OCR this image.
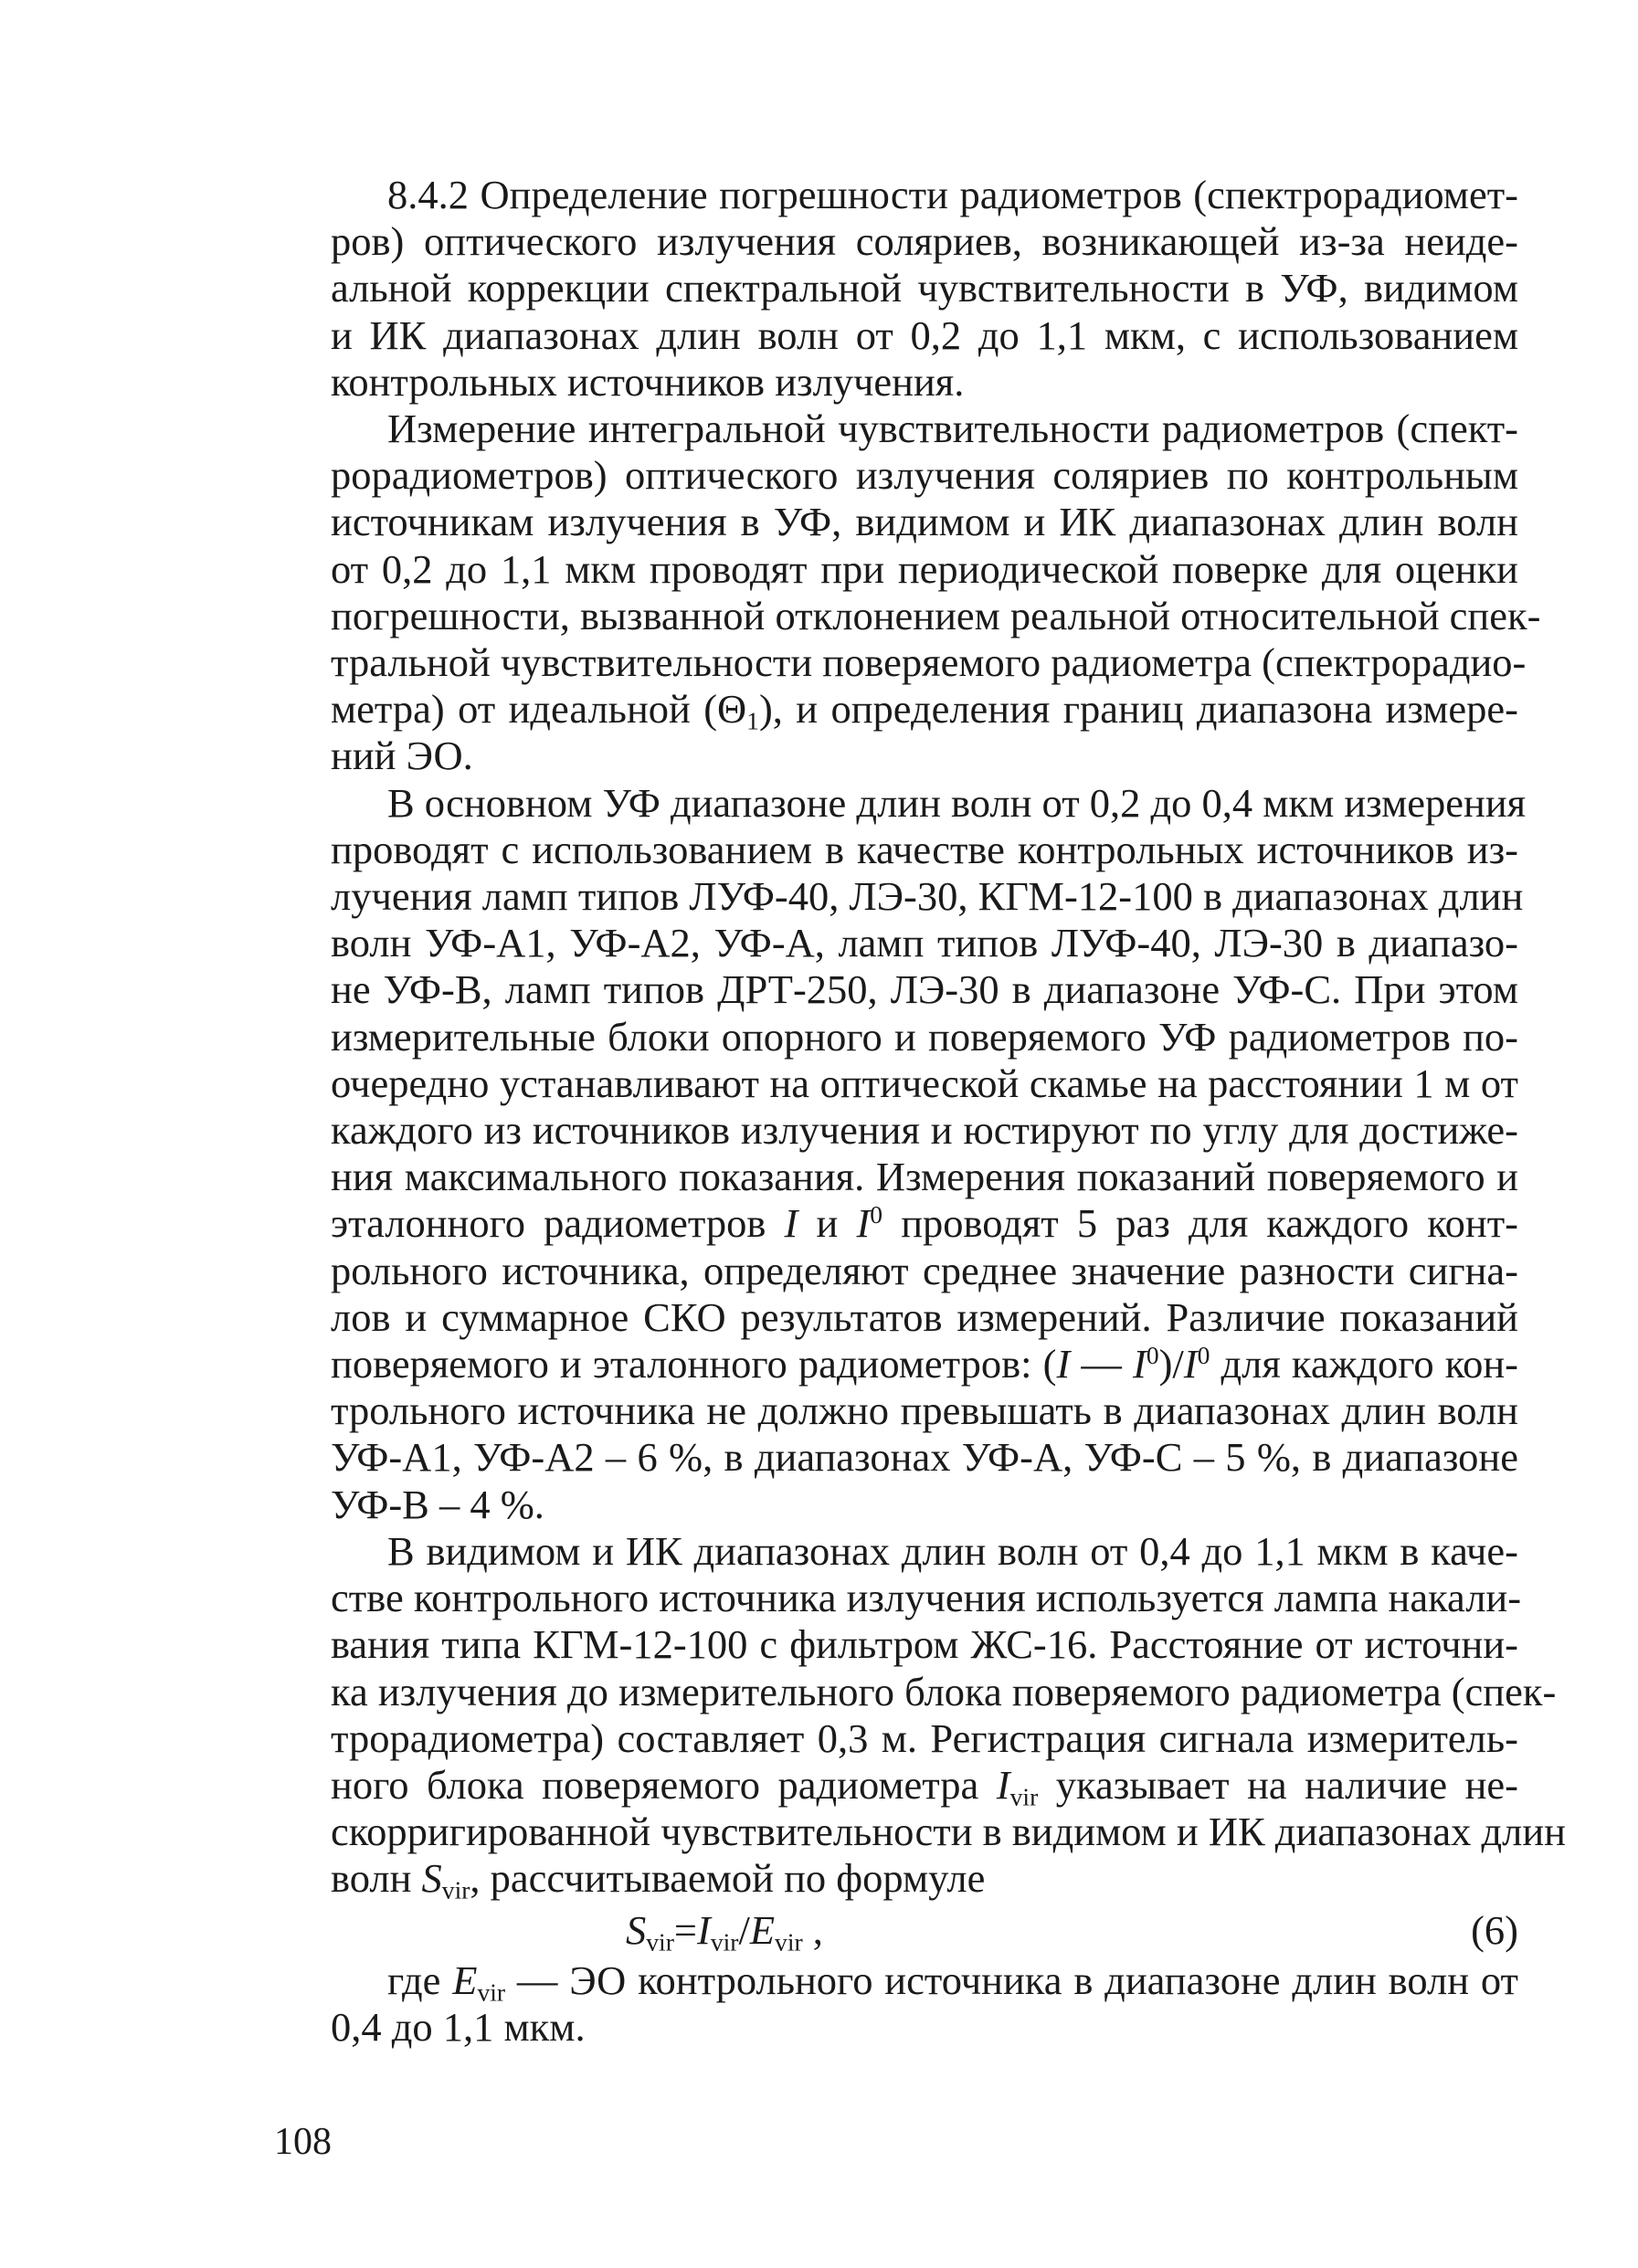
8.4.2 Определение погрешности радиометров (спектрорадиомет-
ров) оптического излучения соляриев, возникающей из-за неиде-
альной коррекции спектральной чувствительности в УФ, видимом
и ИК диапазонах длин волн от 0,2 до 1,1 мкм, с использованием
контрольных источников излучения.

Измерение интегральной чувствительности радиометров (спект-
рорадиометров) оптического излучения соляриев по контрольным
источникам излучения в УФ, видимом и ИК диапазонах длин волн
от 0,2 до 1,1 мкм проводят при периодической поверке для оценки
погрешности, вызванной отклонением реальной относительной спек-
тральной чувствительности поверяемого радиометра (спектрорадио-
метра) от идеальной $(\Theta_1)$, и определения границ диапазона измере-
ний ЭО.

В основном УФ диапазоне длин волн от 0,2 до 0,4 мкм измерения
проводят с использованием в качестве контрольных источников из-
лучения ламп типов ЛУФ-40, ЛЭ-30, КГМ-12-100 в диапазонах длин
волн УФ-А1, УФ-А2, УФ-А, ламп типов ЛУФ-40, ЛЭ-30 в диапазо-
не УФ-В, ламп типов ДРТ-250, ЛЭ-30 в диапазоне УФ-С. При этом
измерительные блоки опорного и поверяемого УФ радиометров по-
очередно устанавливают на оптической скамье на расстоянии 1 м от
каждого из источников излучения и юстируют по углу для достиже-
ния максимального показания. Измерения показаний поверяемого и
эталонного радиометров I и $I^0$ проводят 5 раз для каждого конт-
рольного источника, определяют среднее значение разности сигна-
лов и суммарное СКО результатов измерений. Различие показаний
поверяемого и эталонного радиометров: (I — $I^0)/I^0$ для каждого кон-
трольного источника не должно превышать в диапазонах длин волн
УФ-А1, УФ-А2 – 6 %, в диапазонах УФ-А, УФ-С – 5 %, в диапазоне
УФ-В – 4 %.

В видимом и ИК диапазонах длин волн от 0,4 до 1,1 мкм в каче-
стве контрольного источника излучения используется лампа накали-
вания типа КГМ-12-100 с фильтром ЖС-16. Расстояние от источни-
ка излучения до измерительного блока поверяемого радиометра (спек-
трорадиометра) составляет 0,3 м. Регистрация сигнала измеритель-
ного блока поверяемого радиометра $I_{vir}$ указывает на наличие не-
скорригированной чувствительности в видимом и ИК диапазонах длин
волн $S_{vir}$, рассчитываемой по формуле

$S_{vir}=I_{vir}/E_{vir}$ ,	(6)

где $E_{vir}$ — ЭО контрольного источника в диапазоне длин волн от
0,4 до 1,1 мкм.

108
